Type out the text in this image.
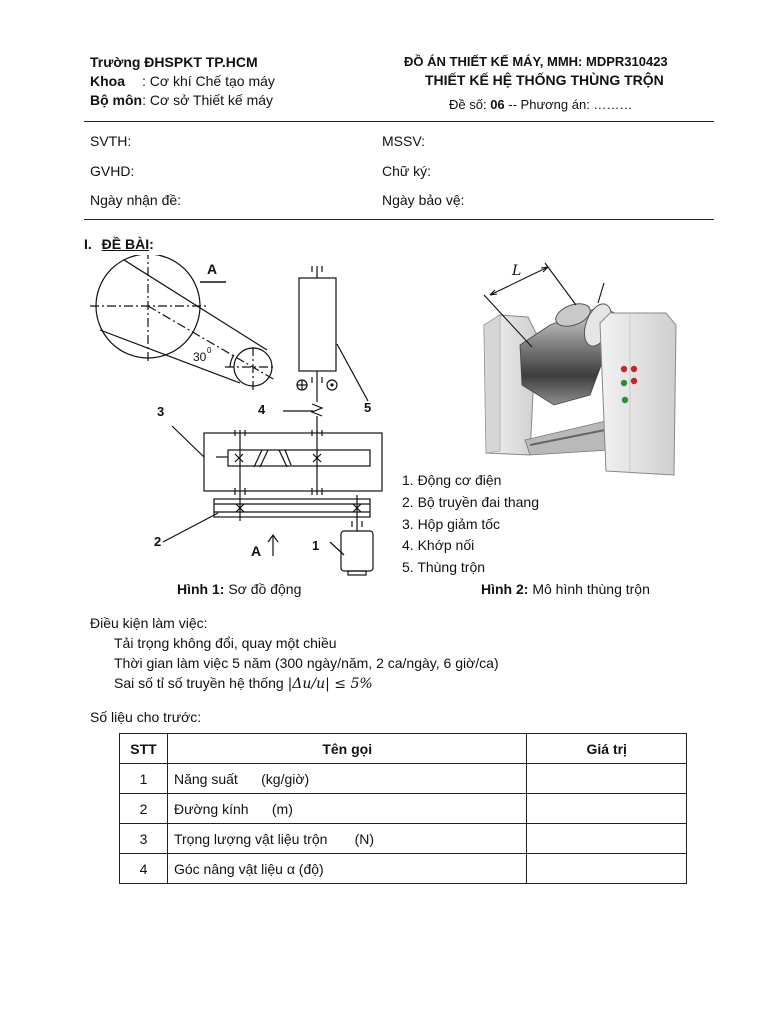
Trường ĐHSPKT TP.HCM
Khoa : Cơ khí Chế tạo máy
Bộ môn: Cơ sở Thiết kế máy
ĐỒ ÁN THIẾT KẾ MÁY, MMH: MDPR310423
THIẾT KẾ HỆ THỐNG THÙNG TRỘN
Đề số: 06 -- Phương án: ………
SVTH:	MSSV:
GVHD:	Chữ ký:
Ngày nhận đề:	Ngày bảo vệ:
I. ĐỀ BÀI:
A
30 0
1
2
3	4	5
A
L
1. Động cơ điện
2. Bộ truyền đai thang
3. Hộp giảm tốc
4. Khớp nối
5. Thùng trộn
Hình 1: Sơ đồ động	Hình 2: Mô hình thùng trộn
Điều kiện làm việc:
Tải trọng không đổi, quay một chiều
Thời gian làm việc 5 năm (300 ngày/năm, 2 ca/ngày, 6 giờ/ca)
Sai số tỉ số truyền hệ thống |Δu/u| ≤ 5%
Số liệu cho trước:
STT	Tên gọi	Giá trị
1	Năng suất      (kg/giờ)	
2	Đường kính      (m)	
3	Trọng lượng vật liệu trộn       (N)	
4	Góc nâng vật liệu α (độ)	
